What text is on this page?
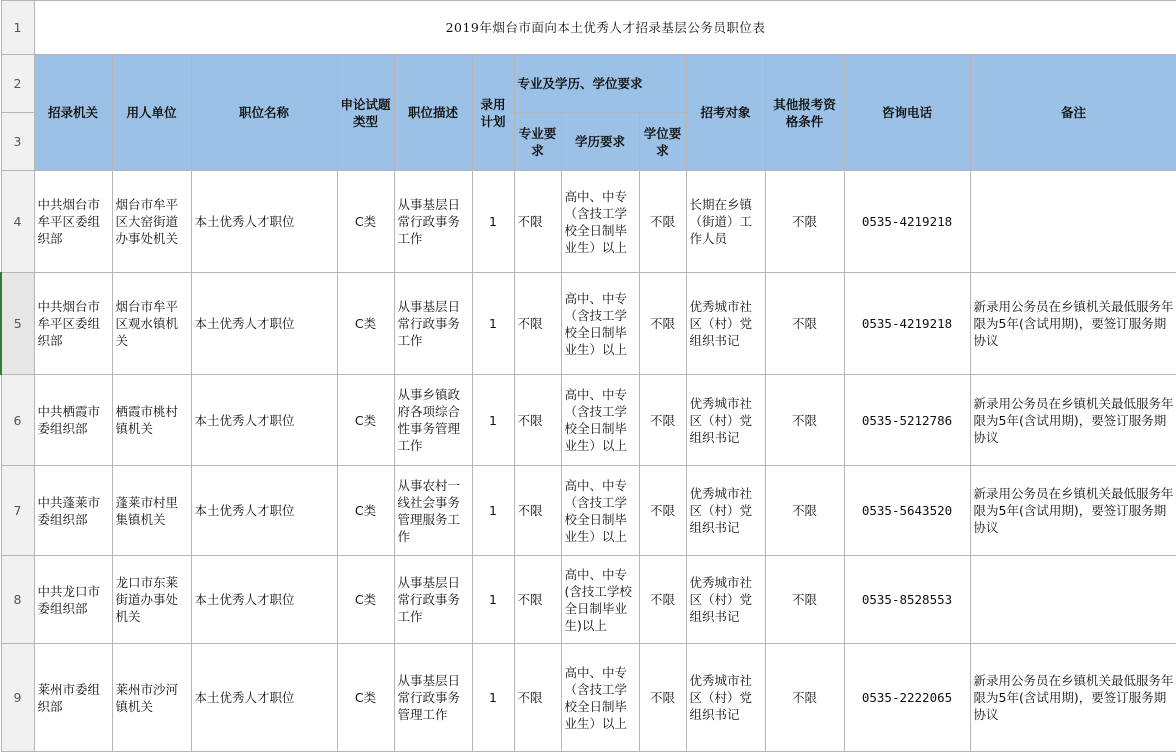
1	2019年烟台市面向本土优秀人才招录基层公务员职位表												
2	招录机关	用人单位	职位名称	申论试题类型	职位描述	录用计划	专业及学历、学位要求			招考对象	其他报考资格条件	咨询电话	备注
3							专业要求	学历要求	学位要求				
4	中共烟台市牟平区委组织部	烟台市牟平区大窑街道办事处机关	本土优秀人才职位	C类	从事基层日常行政事务工作	1	不限	高中、中专（含技工学校全日制毕业生）以上	不限	长期在乡镇（街道）工作人员	不限	0535-4219218	
5	中共烟台市牟平区委组织部	烟台市牟平区观水镇机关	本土优秀人才职位	C类	从事基层日常行政事务工作	1	不限	高中、中专（含技工学校全日制毕业生）以上	不限	优秀城市社区（村）党组织书记	不限	0535-4219218	新录用公务员在乡镇机关最低服务年限为5年(含试用期)，要签订服务期协议
6	中共栖霞市委组织部	栖霞市桃村镇机关	本土优秀人才职位	C类	从事乡镇政府各项综合性事务管理工作	1	不限	高中、中专（含技工学校全日制毕业生）以上	不限	优秀城市社区（村）党组织书记	不限	0535-5212786	新录用公务员在乡镇机关最低服务年限为5年(含试用期)，要签订服务期协议
7	中共蓬莱市委组织部	蓬莱市村里集镇机关	本土优秀人才职位	C类	从事农村一线社会事务管理服务工作	1	不限	高中、中专（含技工学校全日制毕业生）以上	不限	优秀城市社区（村）党组织书记	不限	0535-5643520	新录用公务员在乡镇机关最低服务年限为5年(含试用期)，要签订服务期协议
8	中共龙口市委组织部	龙口市东莱街道办事处机关	本土优秀人才职位	C类	从事基层日常行政事务工作	1	不限	高中、中专(含技工学校全日制毕业生)以上	不限	优秀城市社区（村）党组织书记	不限	0535-8528553	
9	莱州市委组织部	莱州市沙河镇机关	本土优秀人才职位	C类	从事基层日常行政事务管理工作	1	不限	高中、中专（含技工学校全日制毕业生）以上	不限	优秀城市社区（村）党组织书记	不限	0535-2222065	新录用公务员在乡镇机关最低服务年限为5年(含试用期)，要签订服务期协议
